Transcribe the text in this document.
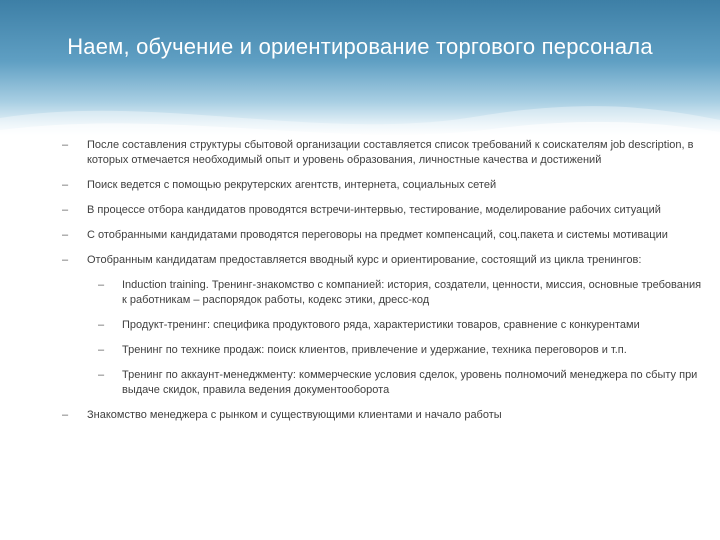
Наем, обучение и ориентирование торгового персонала
– После составления структуры сбытовой организации составляется список требований к соискателям job description, в которых отмечается необходимый опыт и уровень образования, личностные качества и достижений
– Поиск ведется с помощью рекрутерских агентств, интернета, социальных сетей
– В процессе отбора кандидатов проводятся встречи-интервью, тестирование, моделирование рабочих ситуаций
– С отобранными кандидатами проводятся переговоры на предмет компенсаций, соц.пакета и системы мотивации
– Отобранным кандидатам предоставляется вводный курс и ориентирование, состоящий из цикла тренингов:
– Induction training. Тренинг-знакомство с компанией: история, создатели, ценности, миссия, основные требования к работникам – распорядок работы, кодекс этики, дресс-код
– Продукт-тренинг: специфика продуктового ряда, характеристики товаров, сравнение с конкурентами
– Тренинг по технике продаж: поиск клиентов, привлечение и удержание, техника переговоров и т.п.
– Тренинг по аккаунт-менеджменту: коммерческие условия сделок, уровень полномочий менеджера по сбыту при выдаче скидок, правила ведения документооборота
– Знакомство менеджера с рынком и существующими клиентами и начало работы
